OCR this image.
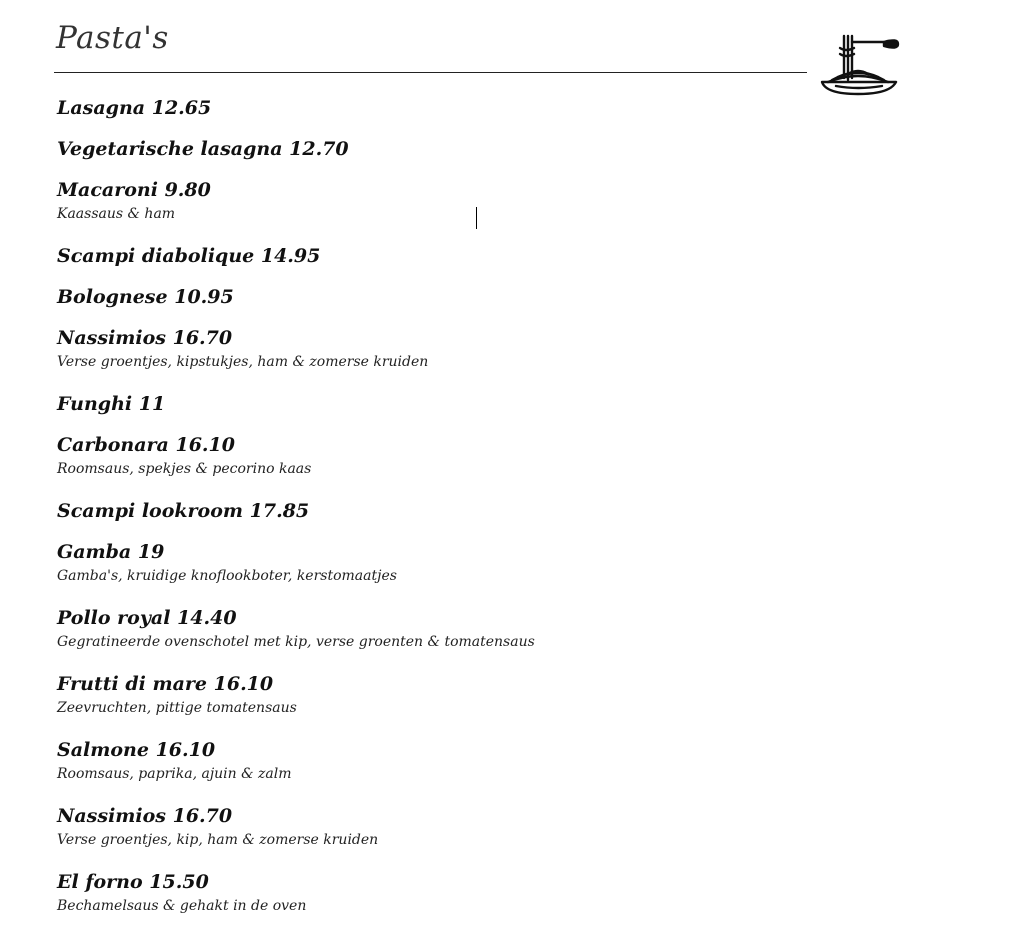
Pasta's
Lasagna 12.65
Vegetarische lasagna 12.70
Macaroni 9.80
Kaassaus & ham
Scampi diabolique 14.95
Bolognese 10.95
Nassimios 16.70
Verse groentjes, kipstukjes, ham & zomerse kruiden
Funghi 11
Carbonara 16.10
Roomsaus, spekjes & pecorino kaas
Scampi lookroom 17.85
Gamba 19
Gamba's, kruidige knoflookboter, kerstomaatjes
Pollo royal 14.40
Gegratineerde ovenschotel met kip, verse groenten & tomatensaus
Frutti di mare 16.10
Zeevruchten, pittige tomatensaus
Salmone 16.10
Roomsaus, paprika, ajuin & zalm
Nassimios 16.70
Verse groentjes, kip, ham & zomerse kruiden
El forno 15.50
Bechamelsaus & gehakt in de oven
